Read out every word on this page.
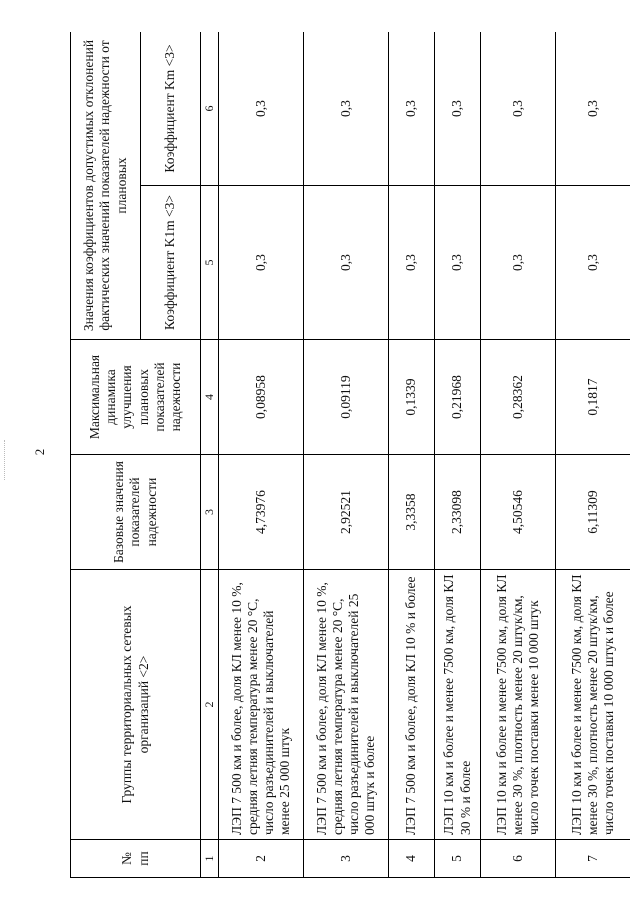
2
№ пп	Группы территориальных сетевых организаций <2>	Базовые значения показателей надежности	Максимальная динамика улучшения плановых показателей надежности	Значения коэффициентов допустимых отклонений фактических значений показателей надежности от плановых	
				Коэффициент K1m <3>	Коэффициент Km <3>
1	2	3	4	5	6
2	ЛЭП 7 500 км и более, доля КЛ менее 10 %, средняя летняя температура менее 20 °С, число разъединителей и выключателей менее 25 000 штук	4,73976	0,08958	0,3	0,3
3	ЛЭП 7 500 км и более, доля КЛ менее 10 %, средняя летняя температура менее 20 °С, число разъединителей и выключателей 25 000 штук и более	2,92521	0,09119	0,3	0,3
4	ЛЭП 7 500 км и более, доля КЛ 10 % и более	3,3358	0,1339	0,3	0,3
5	ЛЭП 10 км и более и менее 7500 км, доля КЛ 30 % и более	2,33098	0,21968	0,3	0,3
6	ЛЭП 10 км и более и менее 7500 км, доля КЛ менее 30 %, плотность менее 20 штук/км, число точек поставки менее 10 000 штук	4,50546	0,28362	0,3	0,3
7	ЛЭП 10 км и более и менее 7500 км, доля КЛ менее 30 %, плотность менее 20 штук/км, число точек поставки 10 000 штук и более	6,11309	0,1817	0,3	0,3
